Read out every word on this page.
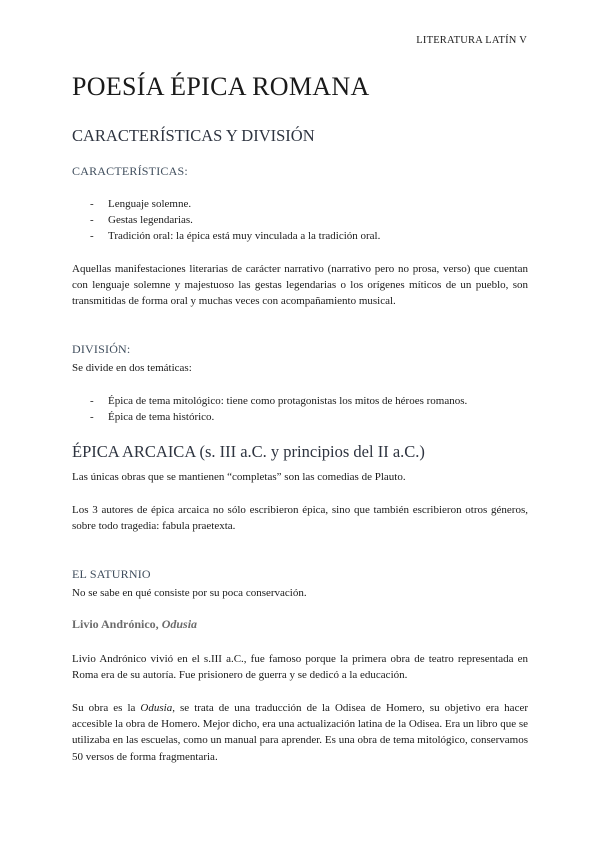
LITERATURA LATÍN V
POESÍA ÉPICA ROMANA
CARACTERÍSTICAS Y DIVISIÓN
CARACTERÍSTICAS:
- Lenguaje solemne.
- Gestas legendarias.
- Tradición oral: la épica está muy vinculada a la tradición oral.

Aquellas manifestaciones literarias de carácter narrativo (narrativo pero no prosa, verso) que cuentan con lenguaje solemne y majestuoso las gestas legendarias o los orígenes míticos de un pueblo, son transmitidas de forma oral y muchas veces con acompañamiento musical.

DIVISIÓN:

Se divide en dos temáticas:

- Épica de tema mitológico: tiene como protagonistas los mitos de héroes romanos.
- Épica de tema histórico.
ÉPICA ARCAICA (s. III a.C. y principios del II a.C.)

Las únicas obras que se mantienen “completas” son las comedias de Plauto.

Los 3 autores de épica arcaica no sólo escribieron épica, sino que también escribieron otros géneros, sobre todo tragedia: fabula praetexta.

EL SATURNIO

No se sabe en qué consiste por su poca conservación.

Livio Andrónico, Odusia

Livio Andrónico vivió en el s.III a.C., fue famoso porque la primera obra de teatro representada en Roma era de su autoría. Fue prisionero de guerra y se dedicó a la educación.

Su obra es la Odusia, se trata de una traducción de la Odisea de Homero, su objetivo era hacer accesible la obra de Homero. Mejor dicho, era una actualización latina de la Odisea. Era un libro que se utilizaba en las escuelas, como un manual para aprender. Es una obra de tema mitológico, conservamos 50 versos de forma fragmentaria.
